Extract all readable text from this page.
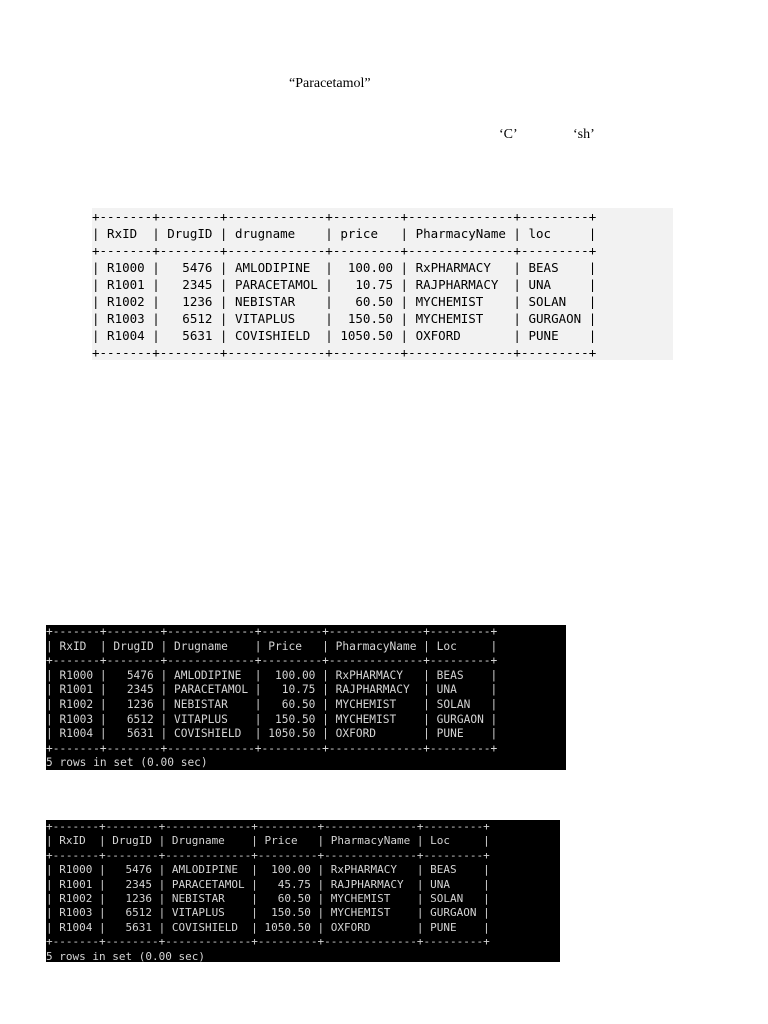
“Paracetamol”
‘C’	‘sh’
+-------+--------+-------------+---------+--------------+---------+
| RxID  | DrugID | drugname    | price   | PharmacyName | loc     |
+-------+--------+-------------+---------+--------------+---------+
| R1000 |   5476 | AMLODIPINE  |  100.00 | RxPHARMACY   | BEAS    |
| R1001 |   2345 | PARACETAMOL |   10.75 | RAJPHARMACY  | UNA     |
| R1002 |   1236 | NEBISTAR    |   60.50 | MYCHEMIST    | SOLAN   |
| R1003 |   6512 | VITAPLUS    |  150.50 | MYCHEMIST    | GURGAON |
| R1004 |   5631 | COVISHIELD  | 1050.50 | OXFORD       | PUNE    |
+-------+--------+-------------+---------+--------------+---------+
+-------+--------+-------------+---------+--------------+---------+
| RxID  | DrugID | Drugname    | Price   | PharmacyName | Loc     |
+-------+--------+-------------+---------+--------------+---------+
| R1000 |   5476 | AMLODIPINE  |  100.00 | RxPHARMACY   | BEAS    |
| R1001 |   2345 | PARACETAMOL |   10.75 | RAJPHARMACY  | UNA     |
| R1002 |   1236 | NEBISTAR    |   60.50 | MYCHEMIST    | SOLAN   |
| R1003 |   6512 | VITAPLUS    |  150.50 | MYCHEMIST    | GURGAON |
| R1004 |   5631 | COVISHIELD  | 1050.50 | OXFORD       | PUNE    |
+-------+--------+-------------+---------+--------------+---------+
5 rows in set (0.00 sec)
+-------+--------+-------------+---------+--------------+---------+
| RxID  | DrugID | Drugname    | Price   | PharmacyName | Loc     |
+-------+--------+-------------+---------+--------------+---------+
| R1000 |   5476 | AMLODIPINE  |  100.00 | RxPHARMACY   | BEAS    |
| R1001 |   2345 | PARACETAMOL |   45.75 | RAJPHARMACY  | UNA     |
| R1002 |   1236 | NEBISTAR    |   60.50 | MYCHEMIST    | SOLAN   |
| R1003 |   6512 | VITAPLUS    |  150.50 | MYCHEMIST    | GURGAON |
| R1004 |   5631 | COVISHIELD  | 1050.50 | OXFORD       | PUNE    |
+-------+--------+-------------+---------+--------------+---------+
5 rows in set (0.00 sec)
